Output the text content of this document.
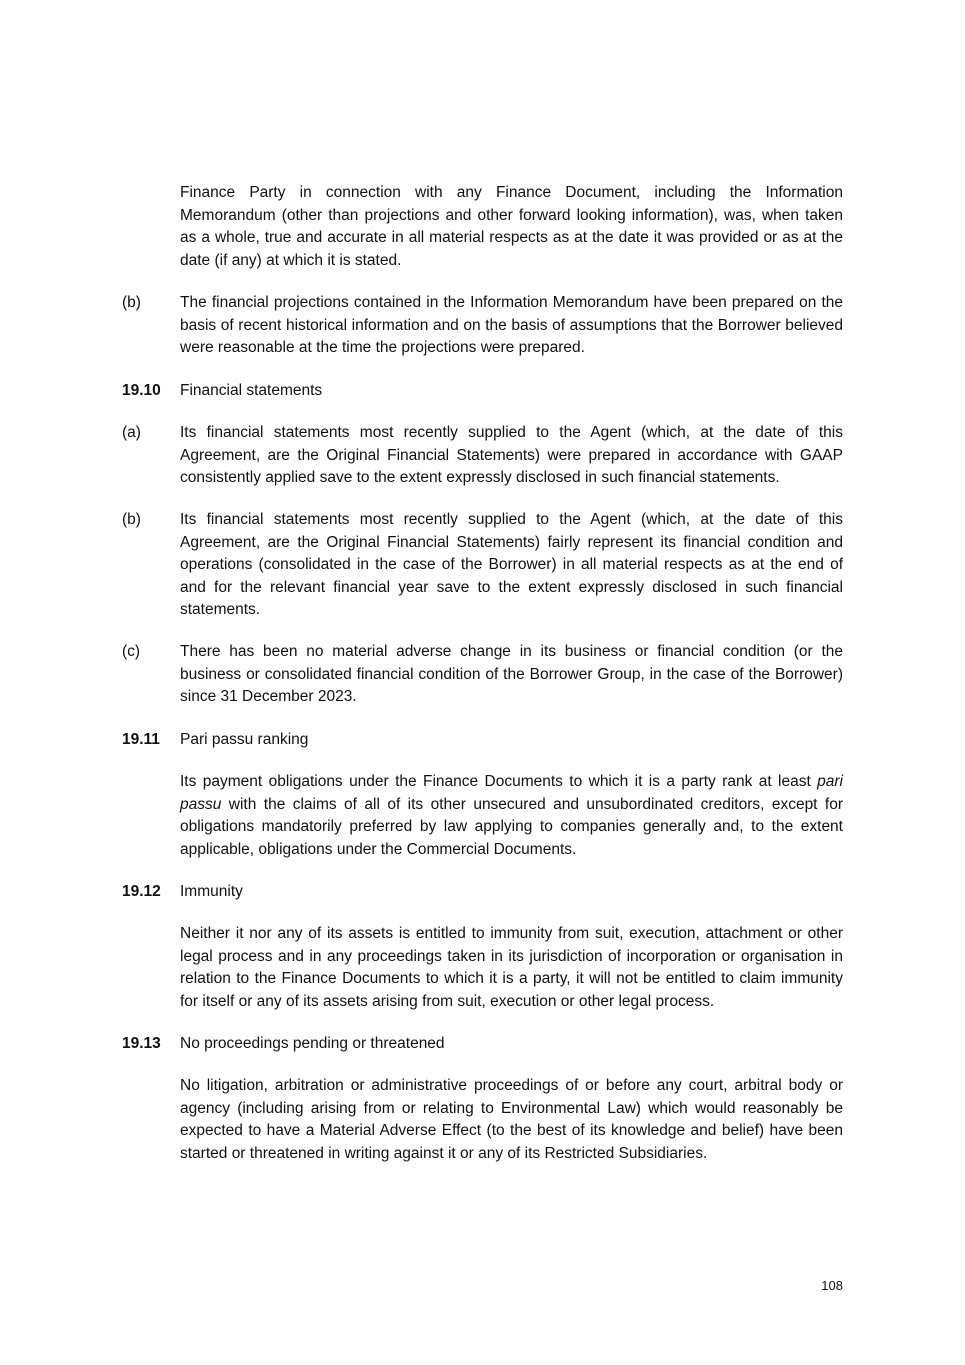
Finance Party in connection with any Finance Document, including the Information Memorandum (other than projections and other forward looking information), was, when taken as a whole, true and accurate in all material respects as at the date it was provided or as at the date (if any) at which it is stated.
(b)	The financial projections contained in the Information Memorandum have been prepared on the basis of recent historical information and on the basis of assumptions that the Borrower believed were reasonable at the time the projections were prepared.
19.10	Financial statements
(a)	Its financial statements most recently supplied to the Agent (which, at the date of this Agreement, are the Original Financial Statements) were prepared in accordance with GAAP consistently applied save to the extent expressly disclosed in such financial statements.
(b)	Its financial statements most recently supplied to the Agent (which, at the date of this Agreement, are the Original Financial Statements) fairly represent its financial condition and operations (consolidated in the case of the Borrower) in all material respects as at the end of and for the relevant financial year save to the extent expressly disclosed in such financial statements.
(c)	There has been no material adverse change in its business or financial condition (or the business or consolidated financial condition of the Borrower Group, in the case of the Borrower) since 31 December 2023.
19.11	Pari passu ranking
Its payment obligations under the Finance Documents to which it is a party rank at least pari passu with the claims of all of its other unsecured and unsubordinated creditors, except for obligations mandatorily preferred by law applying to companies generally and, to the extent applicable, obligations under the Commercial Documents.
19.12	Immunity
Neither it nor any of its assets is entitled to immunity from suit, execution, attachment or other legal process and in any proceedings taken in its jurisdiction of incorporation or organisation in relation to the Finance Documents to which it is a party, it will not be entitled to claim immunity for itself or any of its assets arising from suit, execution or other legal process.
19.13	No proceedings pending or threatened
No litigation, arbitration or administrative proceedings of or before any court, arbitral body or agency (including arising from or relating to Environmental Law) which would reasonably be expected to have a Material Adverse Effect (to the best of its knowledge and belief) have been started or threatened in writing against it or any of its Restricted Subsidiaries.
108
